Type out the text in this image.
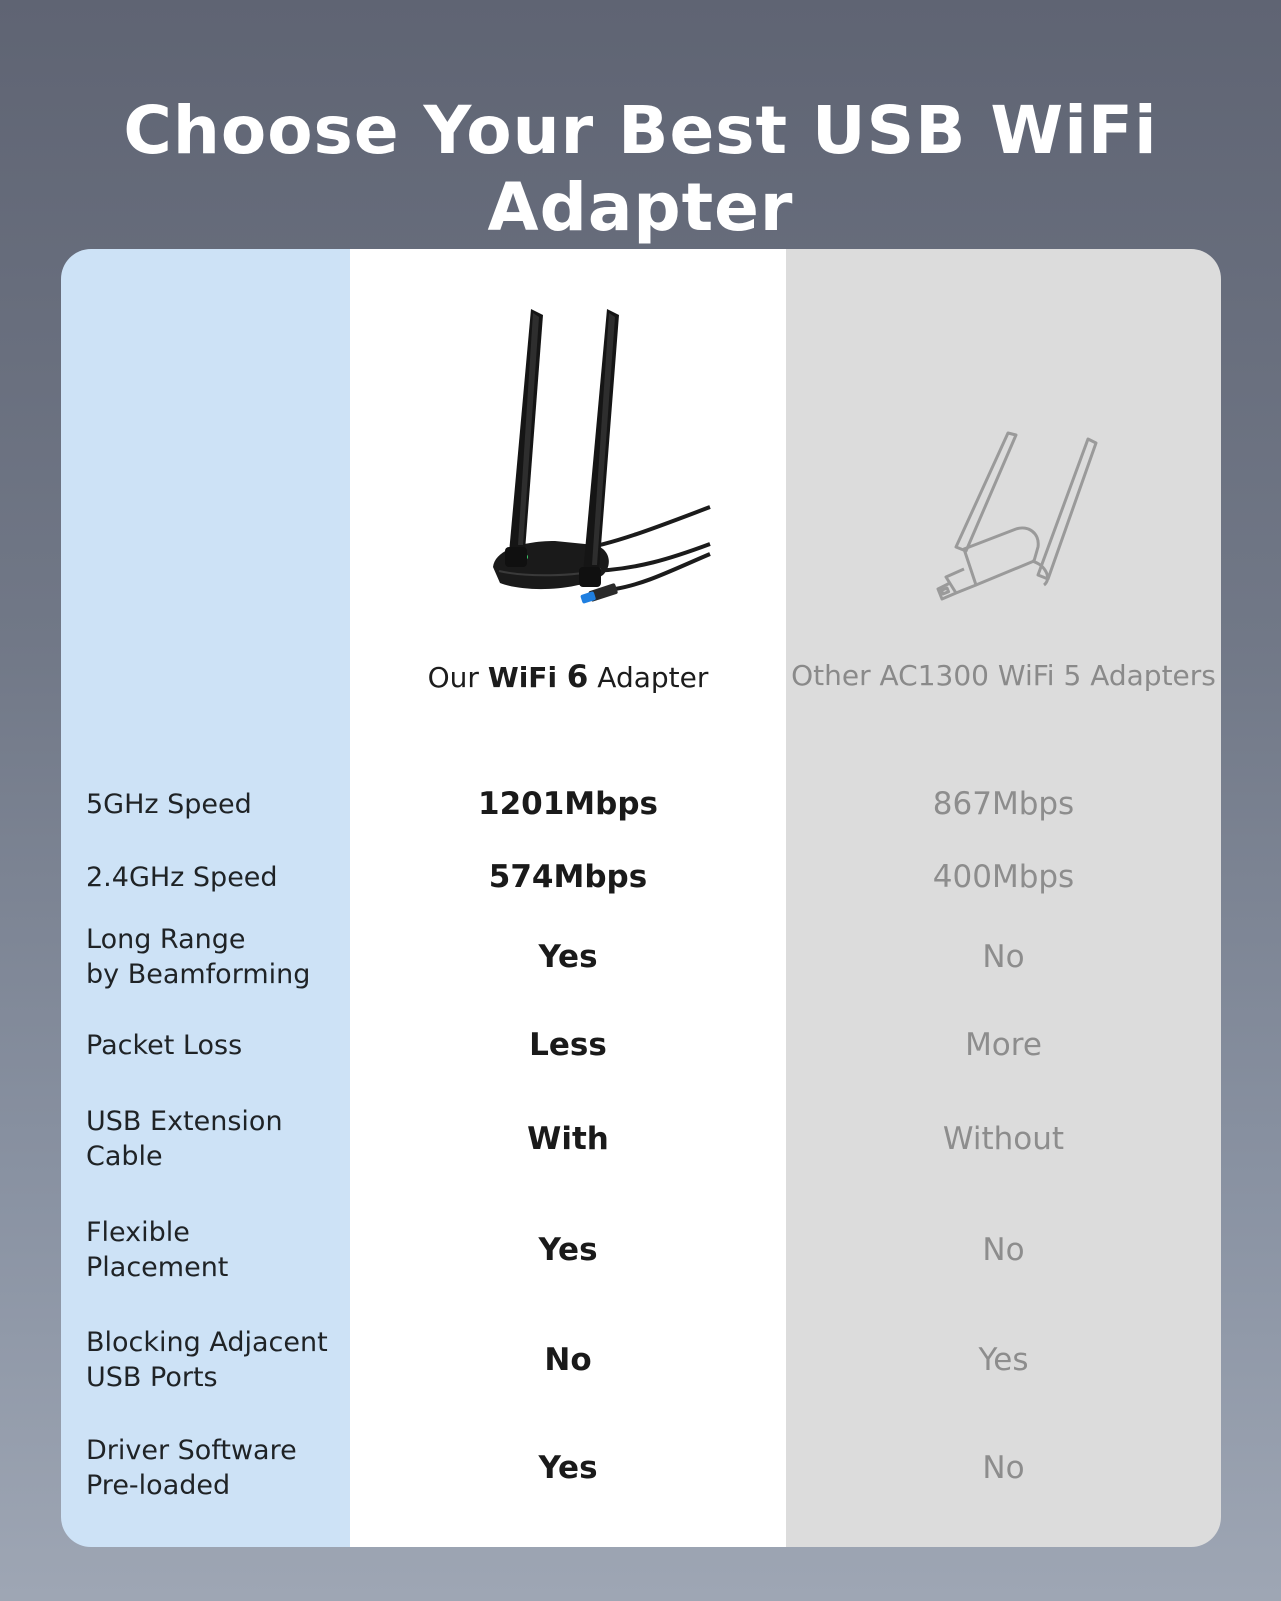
Choose Your Best USB WiFi Adapter
5GHz Speed
2.4GHz Speed
Long Range
by Beamforming
Packet Loss
USB Extension
Cable
Flexible
Placement
Blocking Adjacent
USB Ports
Driver Software
Pre-loaded
Our WiFi 6 Adapter
1201Mbps
574Mbps
Yes
Less
With
Yes
No
Yes
Other AC1300 WiFi 5 Adapters
867Mbps
400Mbps
No
More
Without
No
Yes
No
